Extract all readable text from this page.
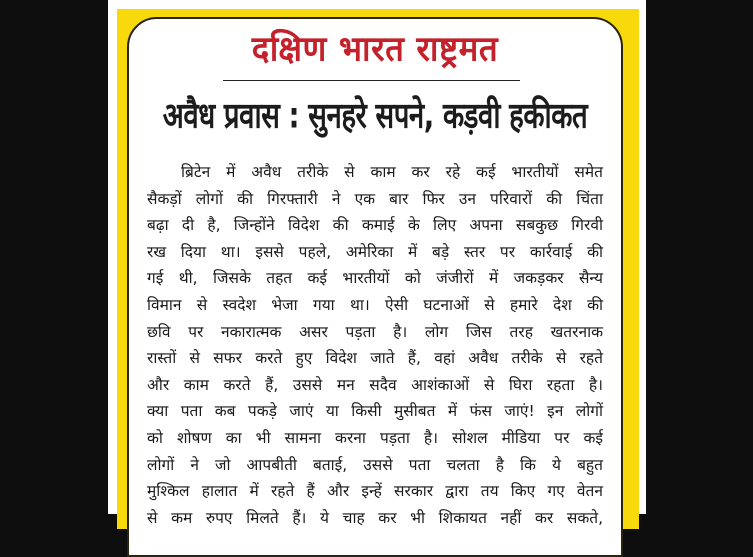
दक्षिण भारत राष्ट्रमत
अवैध प्रवास : सुनहरे सपने, कड़वी हकीकत
ब्रिटेन में अवैध तरीके से काम कर रहे कई भारतीयों समेत
सैकड़ों लोगों की गिरफ्तारी ने एक बार फिर उन परिवारों की चिंता
बढ़ा दी है, जिन्होंने विदेश की कमाई के लिए अपना सबकुछ गिरवी
रख दिया था। इससे पहले, अमेरिका में बड़े स्तर पर कार्रवाई की
गई थी, जिसके तहत कई भारतीयों को जंजीरों में जकड़कर सैन्य
विमान से स्वदेश भेजा गया था। ऐसी घटनाओं से हमारे देश की
छवि पर नकारात्मक असर पड़ता है। लोग जिस तरह खतरनाक
रास्तों से सफर करते हुए विदेश जाते हैं, वहां अवैध तरीके से रहते
और काम करते हैं, उससे मन सदैव आशंकाओं से घिरा रहता है।
क्या पता कब पकड़े जाएं या किसी मुसीबत में फंस जाएं! इन लोगों
को शोषण का भी सामना करना पड़ता है। सोशल मीडिया पर कई
लोगों ने जो आपबीती बताई, उससे पता चलता है कि ये बहुत
मुश्किल हालात में रहते हैं और इन्हें सरकार द्वारा तय किए गए वेतन
से कम रुपए मिलते हैं। ये चाह कर भी शिकायत नहीं कर सकते,
